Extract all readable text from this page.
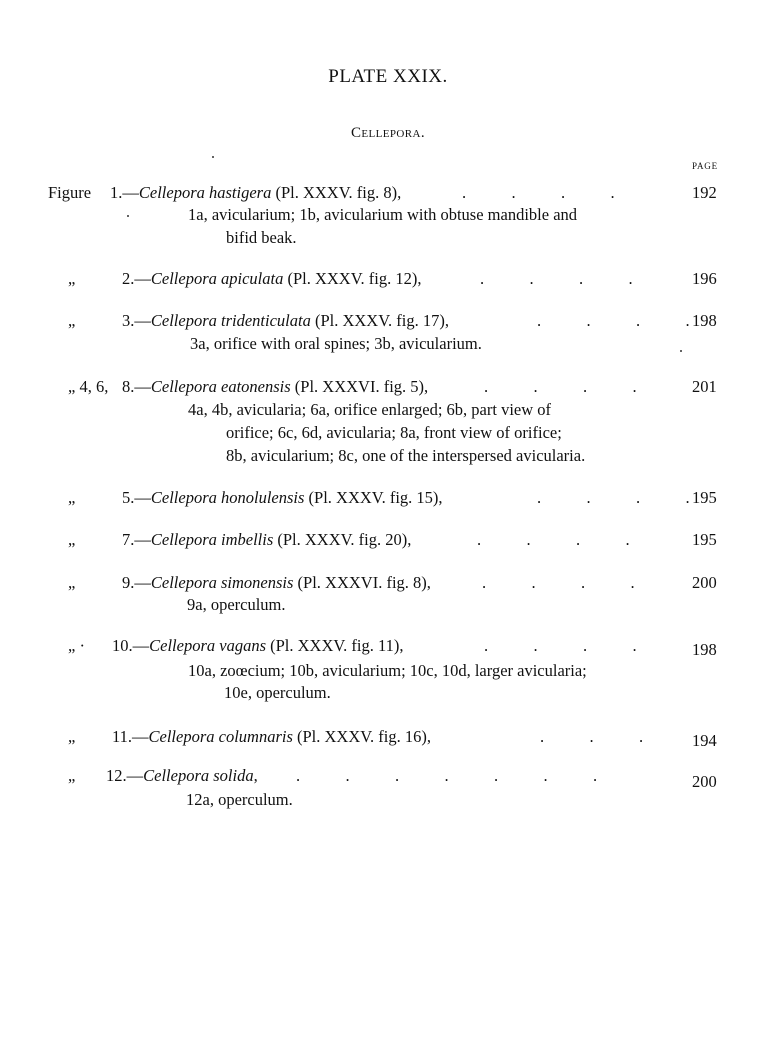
PLATE XXIX.
Cellepora.
PAGE
Figure 1.—Cellepora hastigera (Pl. XXXV. fig. 8),	.           .           .           .	192
1a, avicularium; 1b, avicularium with obtuse mandible and
bifid beak.
„	2.—Cellepora apiculata (Pl. XXXV. fig. 12),	.           .           .           .	196
„	3.—Cellepora tridenticulata (Pl. XXXV. fig. 17),	.           .           .           . 198
3a, orifice with oral spines; 3b, avicularium.
„ 4, 6, 8.—Cellepora eatonensis (Pl. XXXVI. fig. 5),	.           .           .           .	201
4a, 4b, avicularia; 6a, orifice enlarged; 6b, part view of
orifice; 6c, 6d, avicularia; 8a, front view of orifice;
8b, avicularium; 8c, one of the interspersed avicularia.
„	5.—Cellepora honolulensis (Pl. XXXV. fig. 15),	.           .           .           . 195
„	7.—Cellepora imbellis (Pl. XXXV. fig. 20),	.           .           .           .	195
„	9.—Cellepora simonensis (Pl. XXXVI. fig. 8),	.           .           .           .	200
9a, operculum.
„ · 10.—Cellepora vagans (Pl. XXXV. fig. 11),	.           .           .           .	198
10a, zoœcium; 10b, avicularium; 10c, 10d, larger avicularia;
10e, operculum.
„ 11.—Cellepora columnaris (Pl. XXXV. fig. 16),	.           .           .	194
„ 12.—Cellepora solida, .           .           .           .           .           .           .	200
12a, operculum.
